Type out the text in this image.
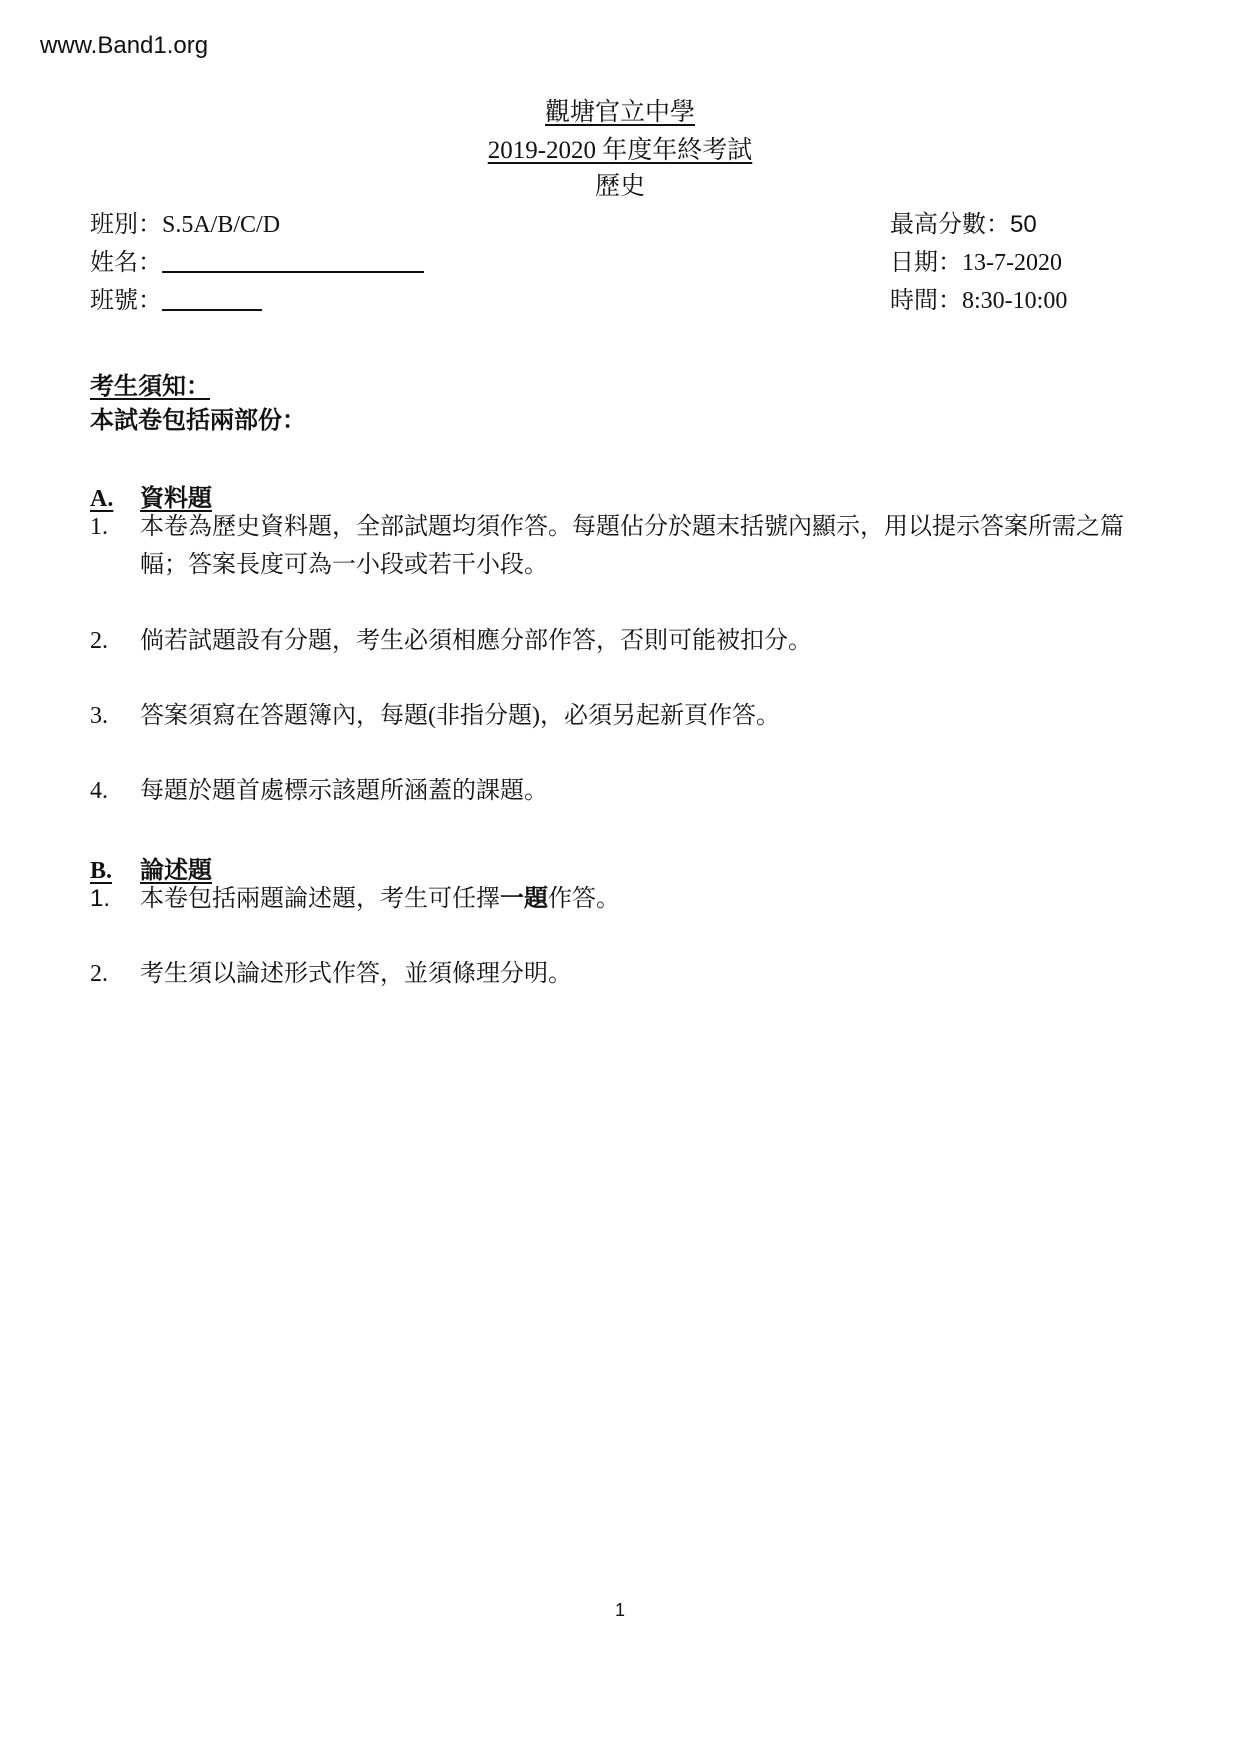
www.Band1.org
觀塘官立中學
2019-2020 年度年終考試
歷史
班別：S.5A/B/C/D
姓名：
班號：
最高分數：50
日期：13-7-2020
時間：8:30-10:00
考生須知：
本試卷包括兩部份：
A. 資料題
1. 本卷為歷史資料題，全部試題均須作答。每題佔分於題末括號內顯示，用以提示答案所需之篇幅；答案長度可為一小段或若干小段。
2. 倘若試題設有分題，考生必須相應分部作答，否則可能被扣分。
3. 答案須寫在答題簿內，每題(非指分題)，必須另起新頁作答。
4. 每題於題首處標示該題所涵蓋的課題。
B. 論述題
1. 本卷包括兩題論述題，考生可任擇一題作答。
2. 考生須以論述形式作答，並須條理分明。
1
